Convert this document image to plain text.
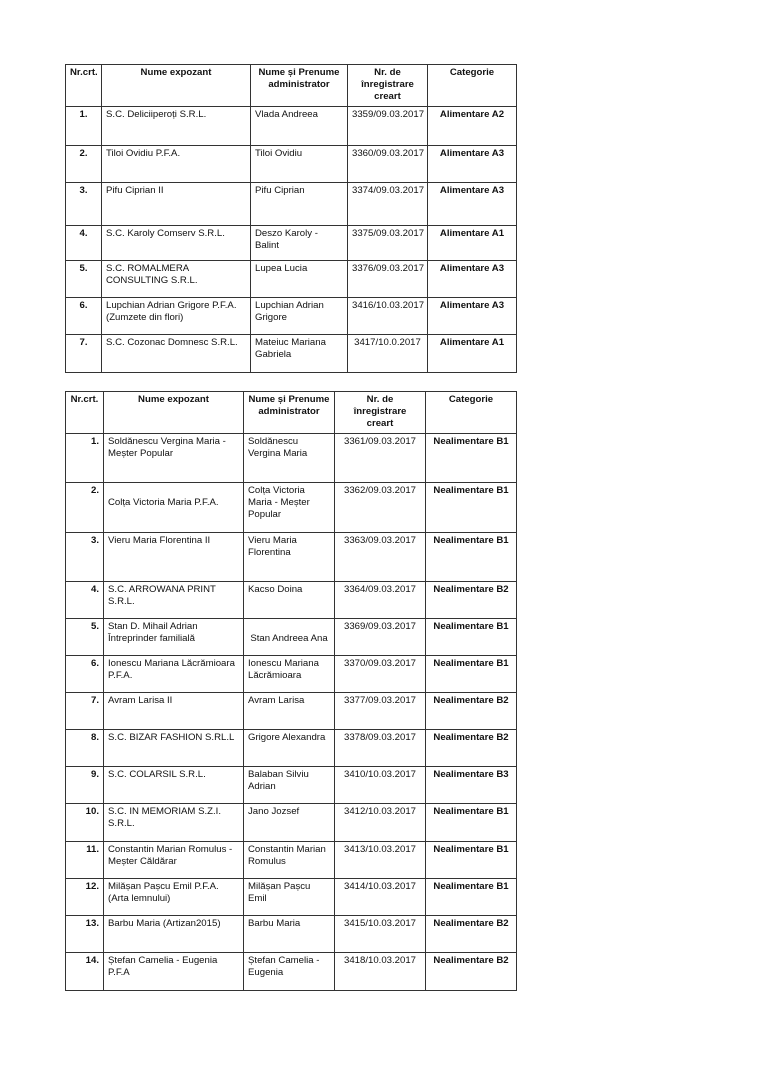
Nr.crt.	Nume expozant	Nume și Prenume administrator	Nr. de înregistrare creart	Categorie
1.	S.C. Deliciiperoți S.R.L.	Vlada Andreea	3359/09.03.2017	Alimentare A2
2.	Tiloi Ovidiu P.F.A.	Tiloi Ovidiu	3360/09.03.2017	Alimentare A3
3.	Pifu Ciprian II	Pifu Ciprian	3374/09.03.2017	Alimentare A3
4.	S.C. Karoly Comserv S.R.L.	Deszo Karoly - Balint	3375/09.03.2017	Alimentare A1
5.	S.C. ROMALMERA CONSULTING S.R.L.	Lupea Lucia	3376/09.03.2017	Alimentare A3
6.	Lupchian Adrian Grigore P.F.A. (Zumzete din flori)	Lupchian Adrian Grigore	3416/10.03.2017	Alimentare A3
7.	S.C. Cozonac Domnesc S.R.L.	Mateiuc Mariana Gabriela	3417/10.0.2017	Alimentare A1
Nr.crt.	Nume expozant	Nume și Prenume administrator	Nr. de înregistrare creart	Categorie
1.	Soldănescu Vergina Maria - Meșter Popular	Soldănescu Vergina Maria	3361/09.03.2017	Nealimentare B1
2.	Colța Victoria Maria P.F.A.	Colța Victoria Maria - Meșter Popular	3362/09.03.2017	Nealimentare B1
3.	Vieru Maria Florentina II	Vieru Maria Florentina	3363/09.03.2017	Nealimentare B1
4.	S.C. ARROWANA PRINT S.R.L.	Kacso Doina	3364/09.03.2017	Nealimentare B2
5.	Stan D. Mihail Adrian Întreprinder familială	Stan Andreea Ana	3369/09.03.2017	Nealimentare B1
6.	Ionescu Mariana Lăcrămioara P.F.A.	Ionescu Mariana Lăcrămioara	3370/09.03.2017	Nealimentare B1
7.	Avram Larisa II	Avram Larisa	3377/09.03.2017	Nealimentare B2
8.	S.C. BIZAR FASHION S.RL.L	Grigore Alexandra	3378/09.03.2017	Nealimentare B2
9.	S.C. COLARSIL S.R.L.	Balaban Silviu Adrian	3410/10.03.2017	Nealimentare B3
10.	S.C. IN MEMORIAM S.Z.I. S.R.L.	Jano Jozsef	3412/10.03.2017	Nealimentare B1
11.	Constantin Marian Romulus - Meșter Căldărar	Constantin Marian Romulus	3413/10.03.2017	Nealimentare B1
12.	Milășan Pașcu Emil P.F.A. (Arta lemnului)	Milășan Pașcu Emil	3414/10.03.2017	Nealimentare B1
13.	Barbu Maria (Artizan2015)	Barbu Maria	3415/10.03.2017	Nealimentare B2
14.	Ștefan Camelia - Eugenia P.F.A	Ștefan Camelia - Eugenia	3418/10.03.2017	Nealimentare B2
